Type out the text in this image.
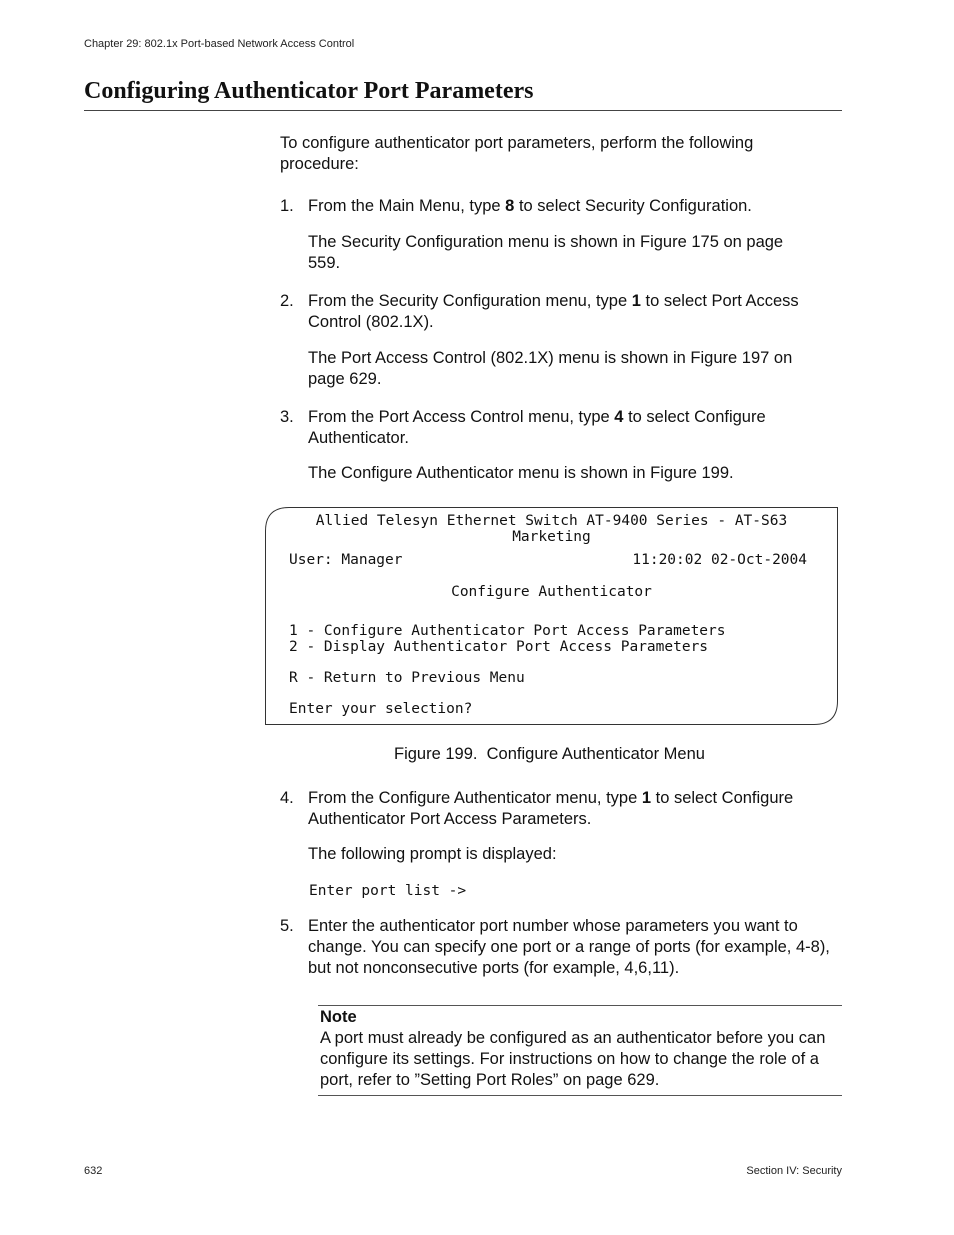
Chapter 29: 802.1x Port-based Network Access Control
Configuring Authenticator Port Parameters
To configure authenticator port parameters, perform the following procedure:
1. From the Main Menu, type 8 to select Security Configuration.
The Security Configuration menu is shown in Figure 175 on page 559.
2. From the Security Configuration menu, type 1 to select Port Access Control (802.1X).
The Port Access Control (802.1X) menu is shown in Figure 197 on page 629.
3. From the Port Access Control menu, type 4 to select Configure Authenticator.
The Configure Authenticator menu is shown in Figure 199.
Allied Telesyn Ethernet Switch AT-9400 Series - AT-S63
Marketing
User: Manager	11:20:02 02-Oct-2004
Configure Authenticator
1 - Configure Authenticator Port Access Parameters
2 - Display Authenticator Port Access Parameters
R - Return to Previous Menu
Enter your selection?
Figure 199.  Configure Authenticator Menu
4. From the Configure Authenticator menu, type 1 to select Configure Authenticator Port Access Parameters.
The following prompt is displayed:
Enter port list ->
5. Enter the authenticator port number whose parameters you want to change. You can specify one port or a range of ports (for example, 4-8), but not nonconsecutive ports (for example, 4,6,11).
Note
A port must already be configured as an authenticator before you can configure its settings. For instructions on how to change the role of a port, refer to ”Setting Port Roles” on page 629.
632	Section IV: Security
